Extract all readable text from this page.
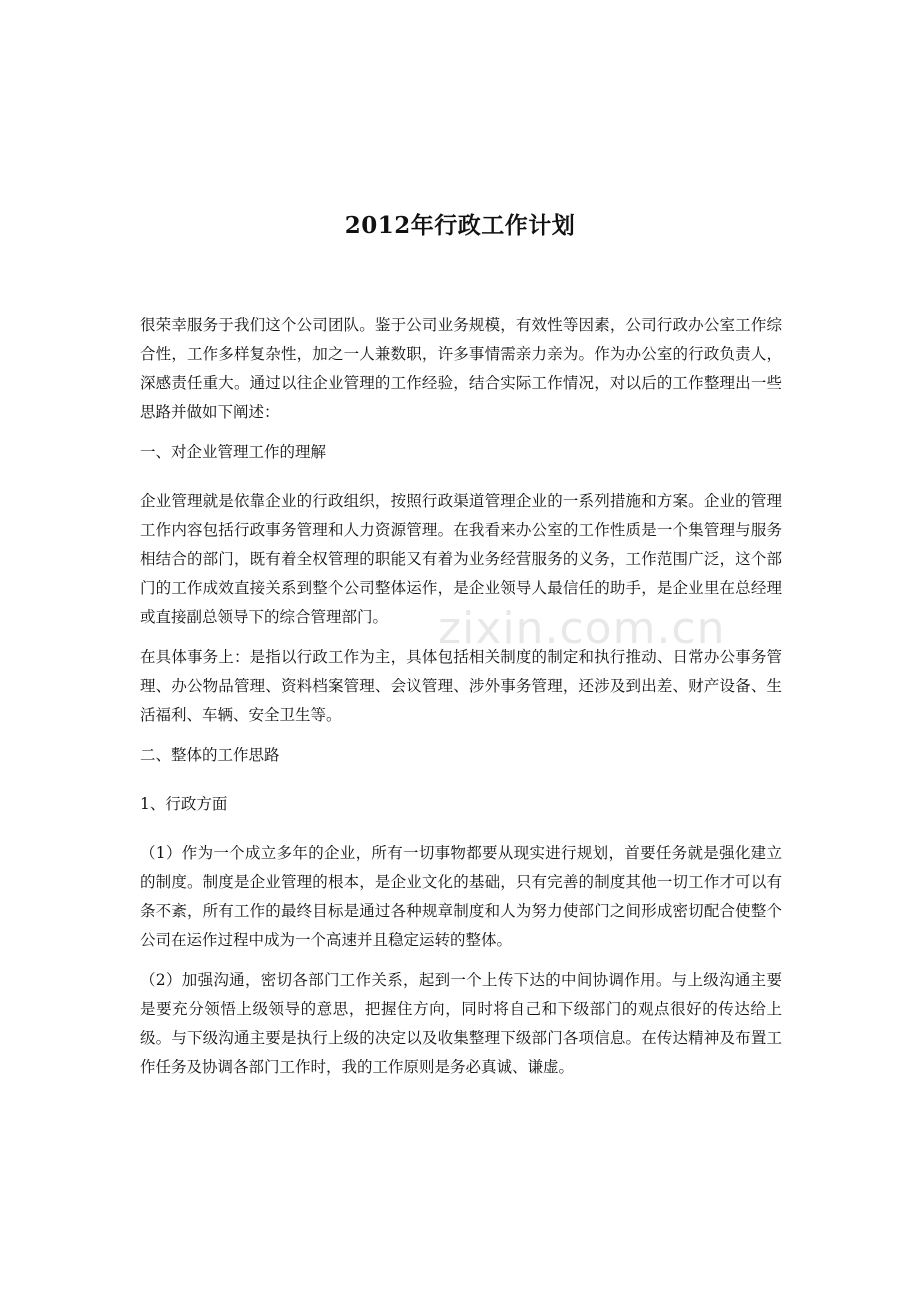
2012年行政工作计划

很荣幸服务于我们这个公司团队。鉴于公司业务规模，有效性等因素，公司行政办公室工作综合性，工作多样复杂性，加之一人兼数职，许多事情需亲力亲为。作为办公室的行政负责人，深感责任重大。通过以往企业管理的工作经验，结合实际工作情况，对以后的工作整理出一些思路并做如下阐述：

一、对企业管理工作的理解

企业管理就是依靠企业的行政组织，按照行政渠道管理企业的一系列措施和方案。企业的管理工作内容包括行政事务管理和人力资源管理。在我看来办公室的工作性质是一个集管理与服务相结合的部门，既有着全权管理的职能又有着为业务经营服务的义务，工作范围广泛，这个部门的工作成效直接关系到整个公司整体运作，是企业领导人最信任的助手，是企业里在总经理或直接副总领导下的综合管理部门。

在具体事务上：是指以行政工作为主，具体包括相关制度的制定和执行推动、日常办公事务管理、办公物品管理、资料档案管理、会议管理、涉外事务管理，还涉及到出差、财产设备、生活福利、车辆、安全卫生等。

二、整体的工作思路

1、行政方面

（1）作为一个成立多年的企业，所有一切事物都要从现实进行规划，首要任务就是强化建立的制度。制度是企业管理的根本，是企业文化的基础，只有完善的制度其他一切工作才可以有条不紊，所有工作的最终目标是通过各种规章制度和人为努力使部门之间形成密切配合使整个公司在运作过程中成为一个高速并且稳定运转的整体。

（2）加强沟通，密切各部门工作关系，起到一个上传下达的中间协调作用。与上级沟通主要是要充分领悟上级领导的意思，把握住方向，同时将自己和下级部门的观点很好的传达给上级。与下级沟通主要是执行上级的决定以及收集整理下级部门各项信息。在传达精神及布置工作任务及协调各部门工作时，我的工作原则是务必真诚、谦虚。

zixin.com.cn
